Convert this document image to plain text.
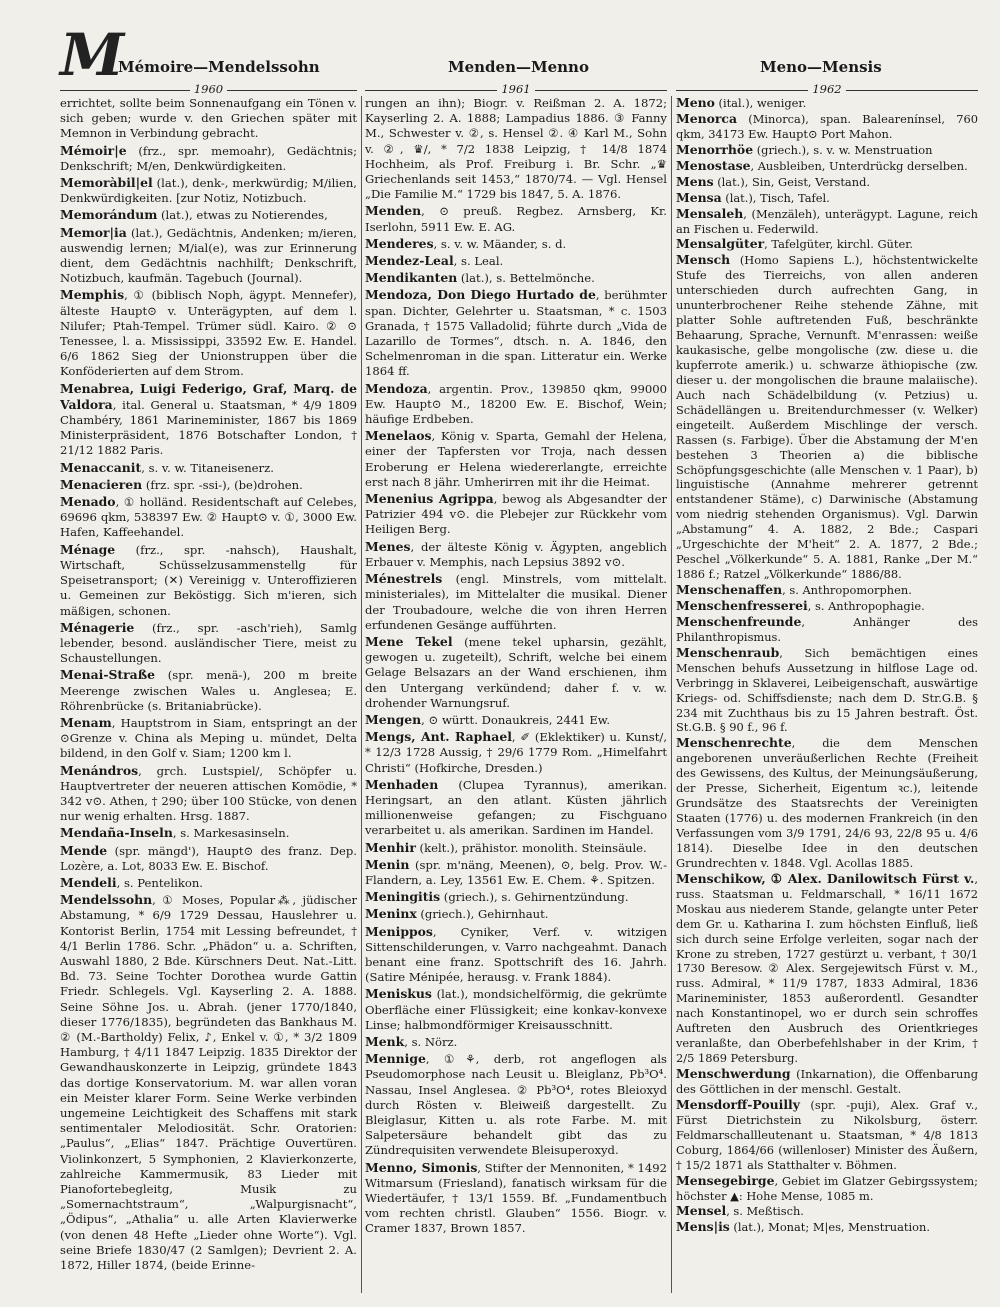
M
Mémoire—Mendelssohn	Menden—Menno	Meno—Mensis
1960	1961	1962

errichtet, sollte beim Sonnenaufgang ein Tönen v. sich geben; wurde v. den Griechen später mit Memnon in Verbindung gebracht.

Mémoir|e (frz., spr. memoahr), Gedächtnis; Denkschrift; M/en, Denkwürdigkeiten.

Memoràbil|el (lat.), denk-, merkwürdig; M/ilien, Denkwürdigkeiten. [zur Notiz, Notizbuch.

Memorándum (lat.), etwas zu Notierendes,

Memor|ia (lat.), Gedächtnis, Andenken; m/ieren, auswendig lernen; M/ial(e), was zur Erinnerung dient, dem Gedächtnis nachhilft; Denkschrift, Notizbuch, kaufmän. Tagebuch (Journal).

Memphis, ① (biblisch Noph, ägypt. Mennefer), älteste Haupt⊙ v. Unterägypten, auf dem l. Nilufer; Ptah-Tempel. Trümer südl. Kairo. ② ⊙ Tenessee, l. a. Mississippi, 33592 Ew. E. Handel. 6/6 1862 Sieg der Unionstruppen über die Konföderierten auf dem Strom.

Menabrea, Luigi Federigo, Graf, Marq. de Valdora, ital. General u. Staatsman, * 4/9 1809 Chambéry, 1861 Marineminister, 1867 bis 1869 Ministerpräsident, 1876 Botschafter London, † 21/12 1882 Paris.

Menaccanit, s. v. w. Titaneisenerz.

Menacieren (frz. spr. -ssi-), (be)drohen.

Menado, ① holländ. Residentschaft auf Celebes, 69696 qkm, 538397 Ew. ② Haupt⊙ v. ①, 3000 Ew. Hafen, Kaffeehandel.

Ménage (frz., spr. -nahsch), Haushalt, Wirtschaft, Schüsselzusammenstellg für Speisetransport; (✕) Vereinigg v. Unteroffizieren u. Gemeinen zur Beköstigg. Sich m'ieren, sich mäßigen, schonen.

Ménagerie (frz., spr. -asch'rieh), Samlg lebender, besond. ausländischer Tiere, meist zu Schaustellungen.

Menai-Straße (spr. menä-), 200 m breite Meerenge zwischen Wales u. Anglesea; E. Röhrenbrücke (s. Britaniabrücke).

Menam, Hauptstrom in Siam, entspringt an der ⊙Grenze v. China als Meping u. mündet, Delta bildend, in den Golf v. Siam; 1200 km l.

Menándros, grch. Lustspiel/, Schöpfer u. Hauptvertreter der neueren attischen Komödie, * 342 v⊙. Athen, † 290; über 100 Stücke, von denen nur wenig erhalten. Hrsg. 1887.

Mendaña-Inseln, s. Markesasinseln.

Mende (spr. mängd'), Haupt⊙ des franz. Dep. Lozère, a. Lot, 8033 Ew. E. Bischof.

Mendeli, s. Pentelikon.

Mendelssohn, ① Moses, Popular⁂, jüdischer Abstamung, * 6/9 1729 Dessau, Hauslehrer u. Kontorist Berlin, 1754 mit Lessing befreundet, † 4/1 Berlin 1786. Schr. „Phädon“ u. a. Schriften, Auswahl 1880, 2 Bde. Kürschners Deut. Nat.-Litt. Bd. 73. Seine Tochter Dorothea wurde Gattin Friedr. Schlegels. Vgl. Kayserling 2. A. 1888. Seine Söhne Jos. u. Abrah. (jener 1770/1840, dieser 1776/1835), begründeten das Bankhaus M. ② (M.-Bartholdy) Felix, ♪, Enkel v. ①, * 3/2 1809 Hamburg, † 4/11 1847 Leipzig. 1835 Direktor der Gewandhauskonzerte in Leipzig, gründete 1843 das dortige Konservatorium. M. war allen voran ein Meister klarer Form. Seine Werke verbinden ungemeine Leichtigkeit des Schaffens mit stark sentimentaler Melodiosität. Schr. Oratorien: „Paulus“, „Elias“ 1847. Prächtige Ouvertüren. Violinkonzert, 5 Symphonien, 2 Klavierkonzerte, zahlreiche Kammermusik, 83 Lieder mit Pianofortebegleitg, Musik zu „Somernachtstraum“, „Walpurgisnacht“, „Ödipus“, „Athalia“ u. alle Arten Klavierwerke (von denen 48 Hefte „Lieder ohne Worte“). Vgl. seine Briefe 1830/47 (2 Samlgen); Devrient 2. A. 1872, Hiller 1874, (beide Erinne-

rungen an ihn); Biogr. v. Reißman 2. A. 1872; Kayserling 2. A. 1888; Lampadius 1886. ③ Fanny M., Schwester v. ②, s. Hensel ②. ④ Karl M., Sohn v. ②, ♛/, * 7/2 1838 Leipzig, † 14/8 1874 Hochheim, als Prof. Freiburg i. Br. Schr. „♛ Griechenlands seit 1453,“ 1870/74. — Vgl. Hensel „Die Familie M.“ 1729 bis 1847, 5. A. 1876.

Menden, ⊙ preuß. Regbez. Arnsberg, Kr. Iserlohn, 5911 Ew. E. AG.

Menderes, s. v. w. Mäander, s. d.

Mendez-Leal, s. Leal.

Mendikanten (lat.), s. Bettelmönche.

Mendoza, Don Diego Hurtado de, berühmter span. Dichter, Gelehrter u. Staatsman, * c. 1503 Granada, † 1575 Valladolid; führte durch „Vida de Lazarillo de Tormes“, dtsch. n. A. 1846, den Schelmenroman in die span. Litteratur ein. Werke 1864 ff.

Mendoza, argentin. Prov., 139850 qkm, 99000 Ew. Haupt⊙ M., 18200 Ew. E. Bischof, Wein; häufige Erdbeben.

Menelaos, König v. Sparta, Gemahl der Helena, einer der Tapfersten vor Troja, nach dessen Eroberung er Helena wiedererlangte, erreichte erst nach 8 jähr. Umherirren mit ihr die Heimat.

Menenius Agrippa, bewog als Abgesandter der Patrizier 494 v⊙. die Plebejer zur Rückkehr vom Heiligen Berg.

Menes, der älteste König v. Ägypten, angeblich Erbauer v. Memphis, nach Lepsius 3892 v⊙.

Ménestrels (engl. Minstrels, vom mittelalt. ministeriales), im Mittelalter die musikal. Diener der Troubadoure, welche die von ihren Herren erfundenen Gesänge aufführten.

Mene Tekel (mene tekel upharsin, gezählt, gewogen u. zugeteilt), Schrift, welche bei einem Gelage Belsazars an der Wand erschienen, ihm den Untergang verkündend; daher f. v. w. drohender Warnungsruf.

Mengen, ⊙ württ. Donaukreis, 2441 Ew.

Mengs, Ant. Raphael, ✐ (Eklektiker) u. Kunst/, * 12/3 1728 Aussig, † 29/6 1779 Rom. „Himelfahrt Christi“ (Hofkirche, Dresden.)

Menhaden (Clupea Tyrannus), amerikan. Heringsart, an den atlant. Küsten jährlich millionenweise gefangen; zu Fischguano verarbeitet u. als amerikan. Sardinen im Handel.

Menhir (kelt.), prähistor. monolith. Steinsäule.

Menin (spr. m'näng, Meenen), ⊙, belg. Prov. W.-Flandern, a. Ley, 13561 Ew. E. Chem. ⚘. Spitzen.

Meningitis (griech.), s. Gehirnentzündung.

Meninx (griech.), Gehirnhaut.

Menippos, Cyniker, Verf. v. witzigen Sittenschilderungen, v. Varro nachgeahmt. Danach benant eine franz. Spottschrift des 16. Jahrh. (Satire Ménipée, herausg. v. Frank 1884).

Meniskus (lat.), mondsichelförmig, die gekrümte Oberfläche einer Flüssigkeit; eine konkav-konvexe Linse; halbmondförmiger Kreisausschnitt.

Menk, s. Nörz.

Mennige, ①⚘, derb, rot angeflogen als Pseudomorphose nach Leusit u. Bleiglanz, Pb³O⁴. Nassau, Insel Anglesea. ② Pb³O⁴, rotes Bleioxyd durch Rösten v. Bleiweiß dargestellt. Zu Bleiglasur, Kitten u. als rote Farbe. M. mit Salpetersäure behandelt gibt das zu Zündrequisiten verwendete Bleisuperoxyd.

Menno, Simonis, Stifter der Mennoniten, * 1492 Witmarsum (Friesland), fanatisch wirksam für die Wiedertäufer, † 13/1 1559. Bf. „Fundamentbuch vom rechten christl. Glauben“ 1556. Biogr. v. Cramer 1837, Brown 1857.

Meno (ital.), weniger.

Menorca (Minorca), span. Balearenínsel, 760 qkm, 34173 Ew. Haupt⊙ Port Mahon.

Menorrhöe (griech.), s. v. w. Menstruation

Menostase, Ausbleiben, Unterdrückg derselben.

Mens (lat.), Sin, Geist, Verstand.

Mensa (lat.), Tisch, Tafel.

Mensaleh, (Menzäleh), unterägypt. Lagune, reich an Fischen u. Federwild.

Mensalgüter, Tafelgüter, kirchl. Güter.

Mensch (Homo Sapiens L.), höchstentwickelte Stufe des Tierreichs, von allen anderen unterschieden durch aufrechten Gang, in ununterbrochener Reihe stehende Zähne, mit platter Sohle auftretenden Fuß, beschränkte Behaarung, Sprache, Vernunft. M'enrassen: weiße kaukasische, gelbe mongolische (zw. diese u. die kupferrote amerik.) u. schwarze äthiopische (zw. dieser u. der mongolischen die braune malaiische). Auch nach Schädelbildung (v. Petzius) u. Schädellängen u. Breitendurchmesser (v. Welker) eingeteilt. Außerdem Mischlinge der versch. Rassen (s. Farbige). Über die Abstamung der M'en bestehen 3 Theorien a) die biblische Schöpfungsgeschichte (alle Menschen v. 1 Paar), b) linguistische (Annahme mehrerer getrennt entstandener Stäme), c) Darwinische (Abstamung vom niedrig stehenden Organismus). Vgl. Darwin „Abstamung“ 4. A. 1882, 2 Bde.; Caspari „Urgeschichte der M'heit“ 2. A. 1877, 2 Bde.; Peschel „Völkerkunde“ 5. A. 1881, Ranke „Der M.“ 1886 f.; Ratzel „Völkerkunde“ 1886/88.

Menschenaffen, s. Anthropomorphen.

Menschenfresserei, s. Anthropophagie.

Menschenfreunde, Anhänger des Philanthropismus.

Menschenraub, Sich bemächtigen eines Menschen behufs Aussetzung in hilflose Lage od. Verbringg in Sklaverei, Leibeigenschaft, auswärtige Kriegs- od. Schiffsdienste; nach dem D. Str.G.B. § 234 mit Zuchthaus bis zu 15 Jahren bestraft. Öst. St.G.B. § 90 f., 96 f.

Menschenrechte, die dem Menschen angeborenen unveräußerlichen Rechte (Freiheit des Gewissens, des Kultus, der Meinungsäußerung, der Presse, Sicherheit, Eigentum ꝛc.), leitende Grundsätze des Staatsrechts der Vereinigten Staaten (1776) u. des modernen Frankreich (in den Verfassungen vom 3/9 1791, 24/6 93, 22/8 95 u. 4/6 1814). Dieselbe Idee in den deutschen Grundrechten v. 1848. Vgl. Acollas 1885.

Menschikow, ① Alex. Danilowitsch Fürst v., russ. Staatsman u. Feldmarschall, * 16/11 1672 Moskau aus niederem Stande, gelangte unter Peter dem Gr. u. Katharina I. zum höchsten Einfluß, ließ sich durch seine Erfolge verleiten, sogar nach der Krone zu streben, 1727 gestürzt u. verbant, † 30/1 1730 Beresow. ② Alex. Sergejewitsch Fürst v. M., russ. Admiral, * 11/9 1787, 1833 Admiral, 1836 Marineminister, 1853 außerordentl. Gesandter nach Konstantinopel, wo er durch sein schroffes Auftreten den Ausbruch des Orientkrieges veranlaßte, dan Oberbefehlshaber in der Krim, † 2/5 1869 Petersburg.

Menschwerdung (Inkarnation), die Offenbarung des Göttlichen in der menschl. Gestalt.

Mensdorff-Pouilly (spr. -puji), Alex. Graf v., Fürst Dietrichstein zu Nikolsburg, österr. Feldmarschallleutenant u. Staatsman, * 4/8 1813 Coburg, 1864/66 (willenloser) Minister des Äußern, † 15/2 1871 als Statthalter v. Böhmen.

Mensegebirge, Gebiet im Glatzer Gebirgssystem; höchster ▲: Hohe Mense, 1085 m.

Mensel, s. Meßtisch.

Mens|is (lat.), Monat; M|es, Menstruation.
